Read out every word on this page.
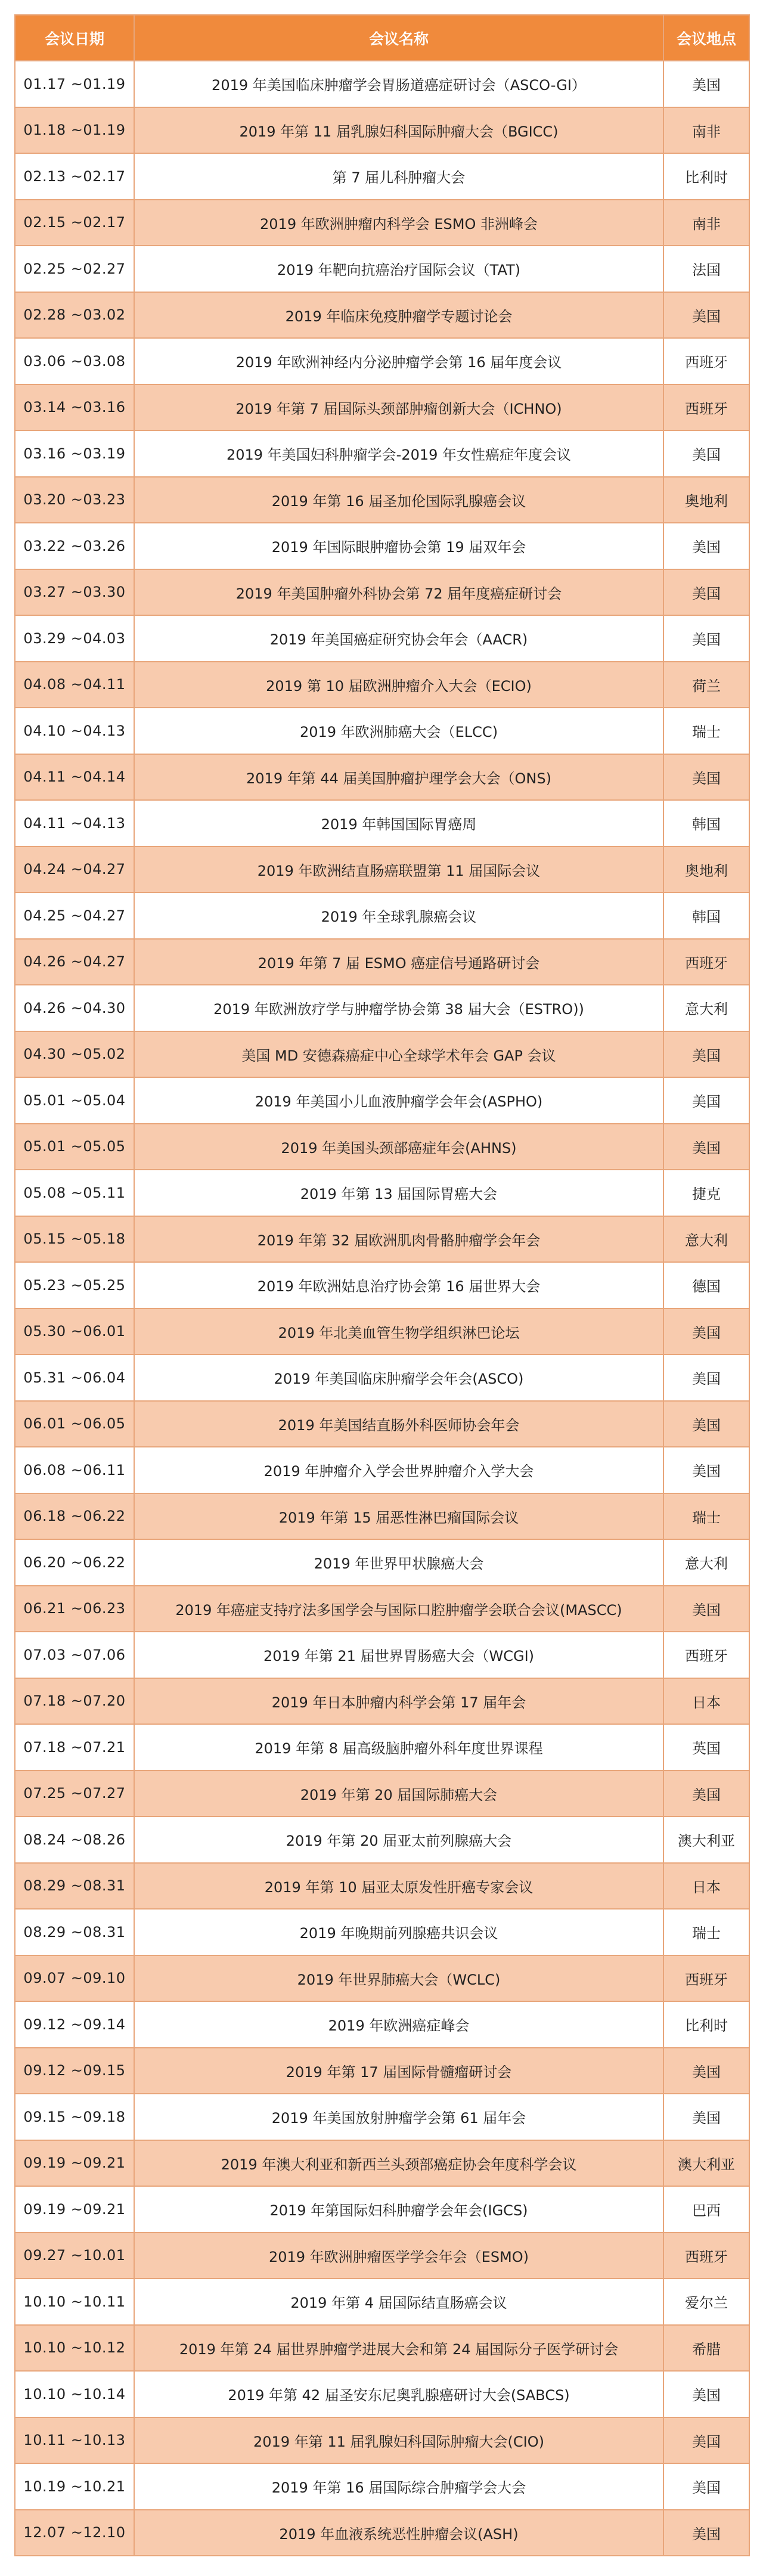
会议日期	会议名称	会议地点
01.17 ~01.19	2019 年美国临床肿瘤学会胃肠道癌症研讨会（ASCO-GI）	美国
01.18 ~01.19	2019 年第 11 届乳腺妇科国际肿瘤大会（BGICC)	南非
02.13 ~02.17	第 7 届儿科肿瘤大会	比利时
02.15 ~02.17	2019 年欧洲肿瘤内科学会 ESMO 非洲峰会	南非
02.25 ~02.27	2019 年靶向抗癌治疗国际会议（TAT)	法国
02.28 ~03.02	2019 年临床免疫肿瘤学专题讨论会	美国
03.06 ~03.08	2019 年欧洲神经内分泌肿瘤学会第 16 届年度会议	西班牙
03.14 ~03.16	2019 年第 7 届国际头颈部肿瘤创新大会（ICHNO)	西班牙
03.16 ~03.19	2019 年美国妇科肿瘤学会-2019 年女性癌症年度会议	美国
03.20 ~03.23	2019 年第 16 届圣加伦国际乳腺癌会议	奥地利
03.22 ~03.26	2019 年国际眼肿瘤协会第 19 届双年会	美国
03.27 ~03.30	2019 年美国肿瘤外科协会第 72 届年度癌症研讨会	美国
03.29 ~04.03	2019 年美国癌症研究协会年会（AACR)	美国
04.08 ~04.11	2019 第 10 届欧洲肿瘤介入大会（ECIO)	荷兰
04.10 ~04.13	2019 年欧洲肺癌大会（ELCC)	瑞士
04.11 ~04.14	2019 年第 44 届美国肿瘤护理学会大会（ONS)	美国
04.11 ~04.13	2019 年韩国国际胃癌周	韩国
04.24 ~04.27	2019 年欧洲结直肠癌联盟第 11 届国际会议	奥地利
04.25 ~04.27	2019 年全球乳腺癌会议	韩国
04.26 ~04.27	2019 年第 7 届 ESMO 癌症信号通路研讨会	西班牙
04.26 ~04.30	2019 年欧洲放疗学与肿瘤学协会第 38 届大会（ESTRO))	意大利
04.30 ~05.02	美国 MD 安德森癌症中心全球学术年会 GAP 会议	美国
05.01 ~05.04	2019 年美国小儿血液肿瘤学会年会(ASPHO)	美国
05.01 ~05.05	2019 年美国头颈部癌症年会(AHNS)	美国
05.08 ~05.11	2019 年第 13 届国际胃癌大会	捷克
05.15 ~05.18	2019 年第 32 届欧洲肌肉骨骼肿瘤学会年会	意大利
05.23 ~05.25	2019 年欧洲姑息治疗协会第 16 届世界大会	德国
05.30 ~06.01	2019 年北美血管生物学组织淋巴论坛	美国
05.31 ~06.04	2019 年美国临床肿瘤学会年会(ASCO)	美国
06.01 ~06.05	2019 年美国结直肠外科医师协会年会	美国
06.08 ~06.11	2019 年肿瘤介入学会世界肿瘤介入学大会	美国
06.18 ~06.22	2019 年第 15 届恶性淋巴瘤国际会议	瑞士
06.20 ~06.22	2019 年世界甲状腺癌大会	意大利
06.21 ~06.23	2019 年癌症支持疗法多国学会与国际口腔肿瘤学会联合会议(MASCC)	美国
07.03 ~07.06	2019 年第 21 届世界胃肠癌大会（WCGI)	西班牙
07.18 ~07.20	2019 年日本肿瘤内科学会第 17 届年会	日本
07.18 ~07.21	2019 年第 8 届高级脑肿瘤外科年度世界课程	英国
07.25 ~07.27	2019 年第 20 届国际肺癌大会	美国
08.24 ~08.26	2019 年第 20 届亚太前列腺癌大会	澳大利亚
08.29 ~08.31	2019 年第 10 届亚太原发性肝癌专家会议	日本
08.29 ~08.31	2019 年晚期前列腺癌共识会议	瑞士
09.07 ~09.10	2019 年世界肺癌大会（WCLC)	西班牙
09.12 ~09.14	2019 年欧洲癌症峰会	比利时
09.12 ~09.15	2019 年第 17 届国际骨髓瘤研讨会	美国
09.15 ~09.18	2019 年美国放射肿瘤学会第 61 届年会	美国
09.19 ~09.21	2019 年澳大利亚和新西兰头颈部癌症协会年度科学会议	澳大利亚
09.19 ~09.21	2019 年第国际妇科肿瘤学会年会(IGCS)	巴西
09.27 ~10.01	2019 年欧洲肿瘤医学学会年会（ESMO)	西班牙
10.10 ~10.11	2019 年第 4 届国际结直肠癌会议	爱尔兰
10.10 ~10.12	2019 年第 24 届世界肿瘤学进展大会和第 24 届国际分子医学研讨会	希腊
10.10 ~10.14	2019 年第 42 届圣安东尼奥乳腺癌研讨大会(SABCS)	美国
10.11 ~10.13	2019 年第 11 届乳腺妇科国际肿瘤大会(CIO)	美国
10.19 ~10.21	2019 年第 16 届国际综合肿瘤学会大会	美国
12.07 ~12.10	2019 年血液系统恶性肿瘤会议(ASH)	美国
